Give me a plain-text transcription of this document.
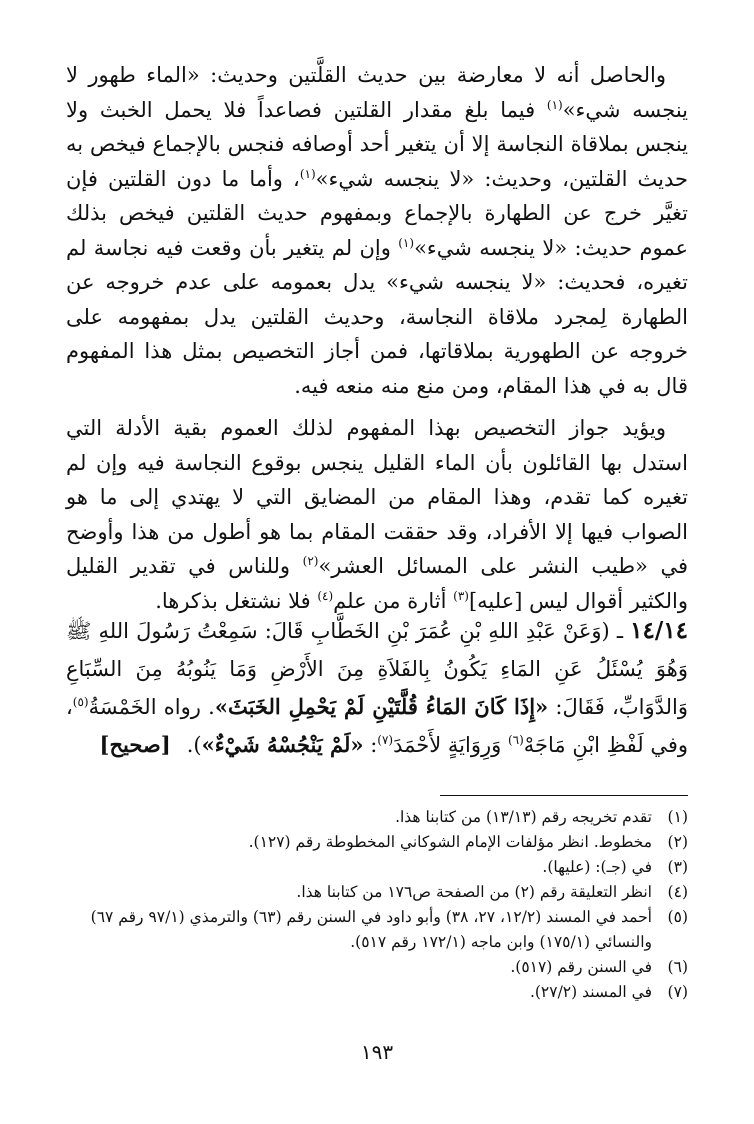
والحاصل أنه لا معارضة بين حديث القلَّتين وحديث: «الماء طهور لا ينجسه شيء»$^{(١)}$ فيما بلغ مقدار القلتين فصاعداً فلا يحمل الخبث ولا ينجس بملاقاة النجاسة إلا أن يتغير أحد أوصافه فنجس بالإجماع فيخص به حديث القلتين، وحديث: «لا ينجسه شيء»$^{(١)}$، وأما ما دون القلتين فإن تغيَّر خرج عن الطهارة بالإجماع وبمفهوم حديث القلتين فيخص بذلك عموم حديث: «لا ينجسه شيء»$^{(١)}$ وإن لم يتغير بأن وقعت فيه نجاسة لم تغيره، فحديث: «لا ينجسه شيء» يدل بعمومه على عدم خروجه عن الطهارة لِمجرد ملاقاة النجاسة، وحديث القلتين يدل بمفهومه على خروجه عن الطهورية بملاقاتها، فمن أجاز التخصيص بمثل هذا المفهوم قال به في هذا المقام، ومن منع منه منعه فيه.

ويؤيد جواز التخصيص بهذا المفهوم لذلك العموم بقية الأدلة التي استدل بها القائلون بأن الماء القليل ينجس بوقوع النجاسة فيه وإن لم تغيره كما تقدم، وهذا المقام من المضايق التي لا يهتدي إلى ما هو الصواب فيها إلا الأفراد، وقد حققت المقام بما هو أطول من هذا وأوضح في «طيب النشر على المسائل العشر»$^{(٢)}$ وللناس في تقدير القليل والكثير أقوال ليس [عليه]$^{(٣)}$ أثارة من علم$^{(٤)}$ فلا نشتغل بذكرها.

١٤/١٤ ـ (وَعَنْ عَبْدِ اللهِ بْنِ عُمَرَ بْنِ الخَطَّابِ قَالَ: سَمِعْتُ رَسُولَ اللهِ ﷺ وَهُوَ يُسْئَلُ عَنِ المَاءِ يَكُونُ بِالفَلاَةِ مِنَ الأَرْضِ وَمَا يَنُوبُهُ مِنَ السِّبَاعِ وَالدَّوَابِّ، فَقَالَ: «إِذَا كَانَ المَاءُ قُلَّتَيْنِ لَمْ يَحْمِلِ الخَبَثَ». رواه الخَمْسَةُ$^{(٥)}$، وفي لَفْظِ ابْنِ مَاجَهْ$^{(٦)}$ وَرِوَايَةٍ لأَحْمَدَ$^{(٧)}$: «لَمْ يَنْجُسْهُ شَيْءٌ»).[صحيح]

(١)
تقدم تخريجه رقم (١٣/١٣) من كتابنا هذا.
(٢)
مخطوط. انظر مؤلفات الإمام الشوكاني المخطوطة رقم (١٢٧).
(٣)
في (جـ): (عليها).
(٤)
انظر التعليقة رقم (٢) من الصفحة ص١٧٦ من كتابنا هذا.
(٥)
أحمد في المسند (١٢/٢، ٢٧، ٣٨) وأبو داود في السنن رقم (٦٣) والترمذي (٩٧/١ رقم ٦٧) والنسائي (١٧٥/١) وابن ماجه (١٧٢/١ رقم ٥١٧).
(٦)
في السنن رقم (٥١٧).
(٧)
في المسند (٢٧/٢).
١٩٣
